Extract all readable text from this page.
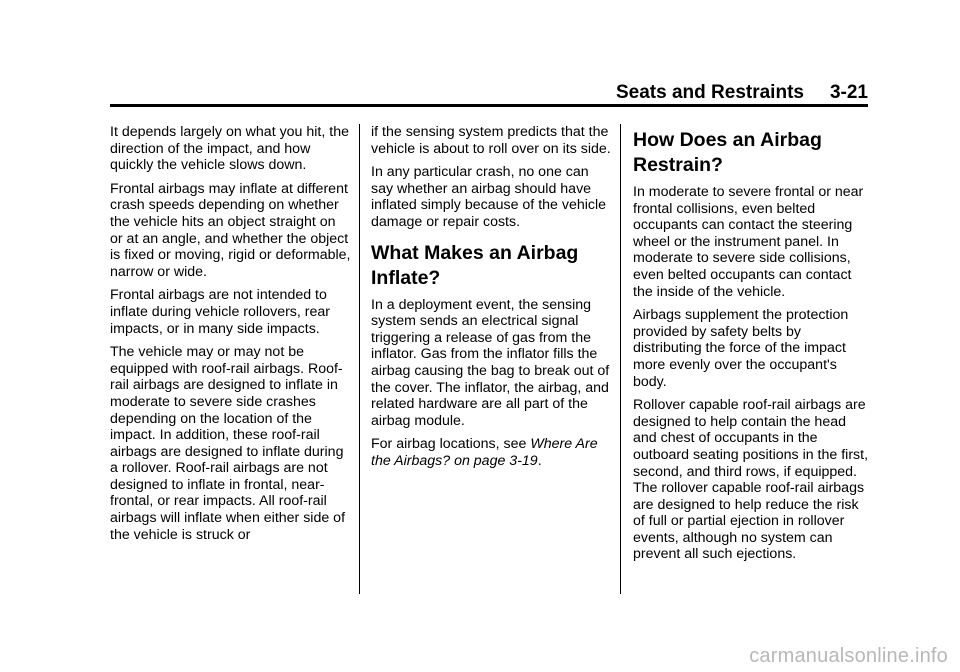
Seats and Restraints 3-21

It depends largely on what you hit, the direction of the impact, and how quickly the vehicle slows down.

Frontal airbags may inflate at different crash speeds depending on whether the vehicle hits an object straight on or at an angle, and whether the object is fixed or moving, rigid or deformable, narrow or wide.

Frontal airbags are not intended to inflate during vehicle rollovers, rear impacts, or in many side impacts.

The vehicle may or may not be equipped with roof-rail airbags. Roof-rail airbags are designed to inflate in moderate to severe side crashes depending on the location of the impact. In addition, these roof-rail airbags are designed to inflate during a rollover. Roof-rail airbags are not designed to inflate in frontal, near-frontal, or rear impacts. All roof-rail airbags will inflate when either side of the vehicle is struck or

if the sensing system predicts that the vehicle is about to roll over on its side.

In any particular crash, no one can say whether an airbag should have inflated simply because of the vehicle damage or repair costs.

What Makes an Airbag Inflate?

In a deployment event, the sensing system sends an electrical signal triggering a release of gas from the inflator. Gas from the inflator fills the airbag causing the bag to break out of the cover. The inflator, the airbag, and related hardware are all part of the airbag module.

For airbag locations, see Where Are the Airbags? on page 3-19.

How Does an Airbag Restrain?

In moderate to severe frontal or near frontal collisions, even belted occupants can contact the steering wheel or the instrument panel. In moderate to severe side collisions, even belted occupants can contact the inside of the vehicle.

Airbags supplement the protection provided by safety belts by distributing the force of the impact more evenly over the occupant's body.

Rollover capable roof-rail airbags are designed to help contain the head and chest of occupants in the outboard seating positions in the first, second, and third rows, if equipped. The rollover capable roof-rail airbags are designed to help reduce the risk of full or partial ejection in rollover events, although no system can prevent all such ejections.

carmanualsonline.info
